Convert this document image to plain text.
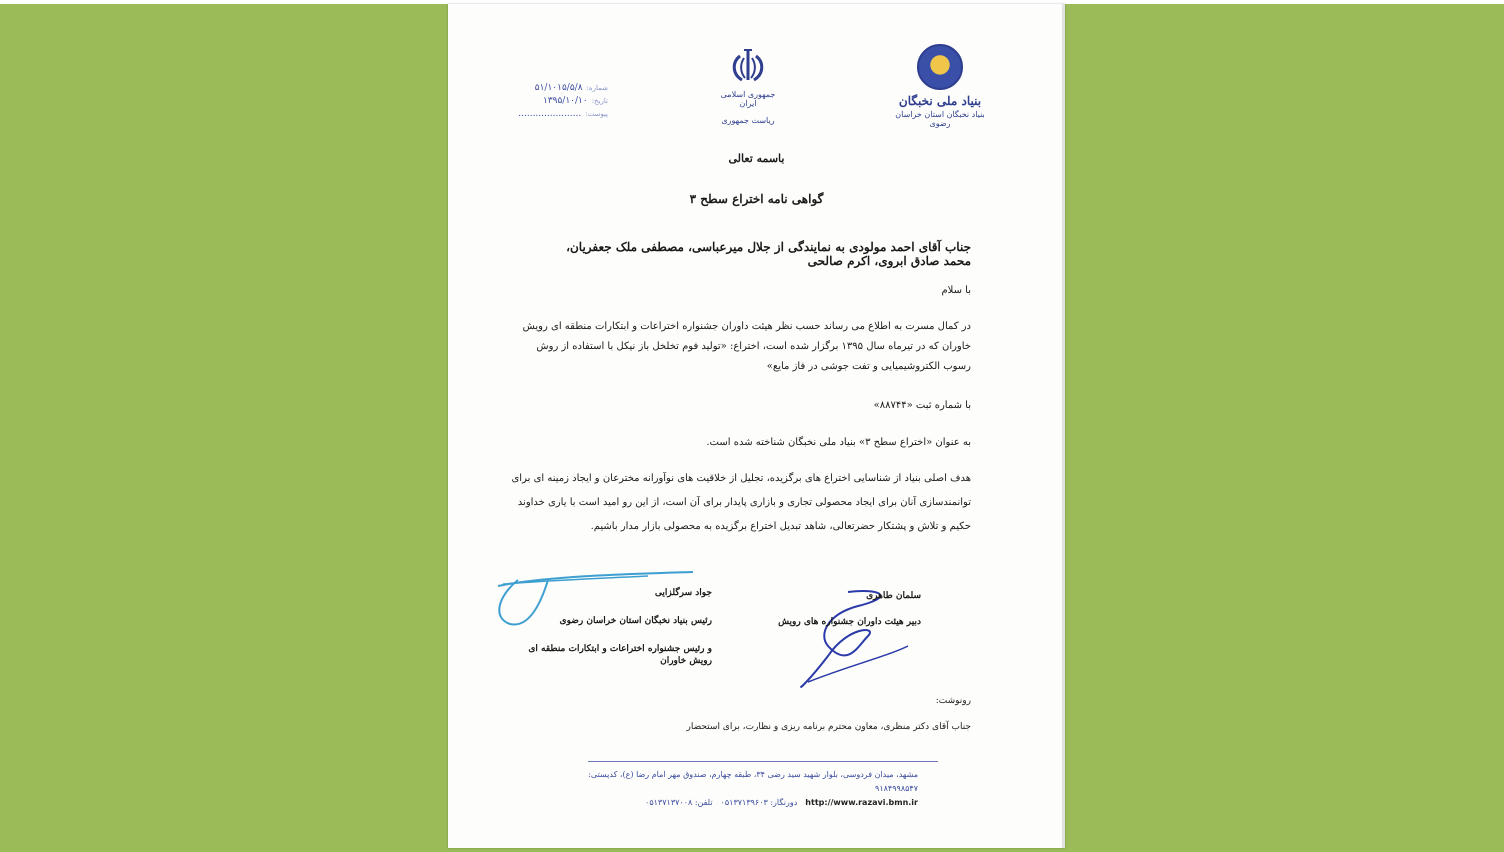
بنیاد ملی نخبگان
بنیاد نخبگان استان خراسان رضوی
جمهوری اسلامی ایران
ریاست جمهوری
شماره:
۵۱/۱۰۱۵/۵/۸
تاریخ:
۱۳۹۵/۱۰/۱۰
پیوست:
......................
باسمه تعالی
گواهی نامه اختراع سطح ۳
جناب آقای احمد مولودی به نمایندگی از جلال میرعباسی، مصطفی ملک جعفریان، محمد صادق ابروی، اکرم صالحی
با سلام
در کمال مسرت به اطلاع می رساند حسب نظر هیئت داوران جشنواره اختراعات و ابتکارات منطقه ای رویش خاوران که در تیرماه سال ۱۳۹۵ برگزار شده است، اختراع: «تولید فوم تخلخل باز نیکل با استفاده از روش رسوب الکتروشیمیایی و تفت جوشی در فاز مایع»
با شماره ثبت «۸۸۷۴۴»
به عنوان «اختراع سطح ۳» بنیاد ملی نخبگان شناخته شده است.
هدف اصلی بنیاد از شناسایی اختراع های برگزیده، تجلیل از خلاقیت های نوآورانه مخترعان و ایجاد زمینه ای برای توانمندسازی آنان برای ایجاد محصولی تجاری و بازاری پایدار برای آن است، از این رو امید است با یاری خداوند حکیم و تلاش و پشتکار حضرتعالی، شاهد تبدیل اختراع برگزیده به محصولی بازار مدار باشیم.
سلمان طاهری
دبیر هیئت داوران جشنواره های رویش
جواد سرگلزایی
رئیس بنیاد نخبگان استان خراسان رضوی
و رئیس جشنواره اختراعات و ابتکارات منطقه ای رویش خاوران
رونوشت:
جناب آقای دکتر منظری، معاون محترم برنامه ریزی و نظارت، برای استحضار
مشهد، میدان فردوسی، بلوار شهید سید رضی ۳۴، طبقه چهارم، صندوق مهر امام رضا (ع)، کدپستی: ۹۱۸۴۹۹۸۵۴۷
تلفن: ۰۵۱۳۷۱۳۷۰۰۸ دورنگار: ۰۵۱۳۷۱۳۹۶۰۳ http://www.razavi.bmn.ir
